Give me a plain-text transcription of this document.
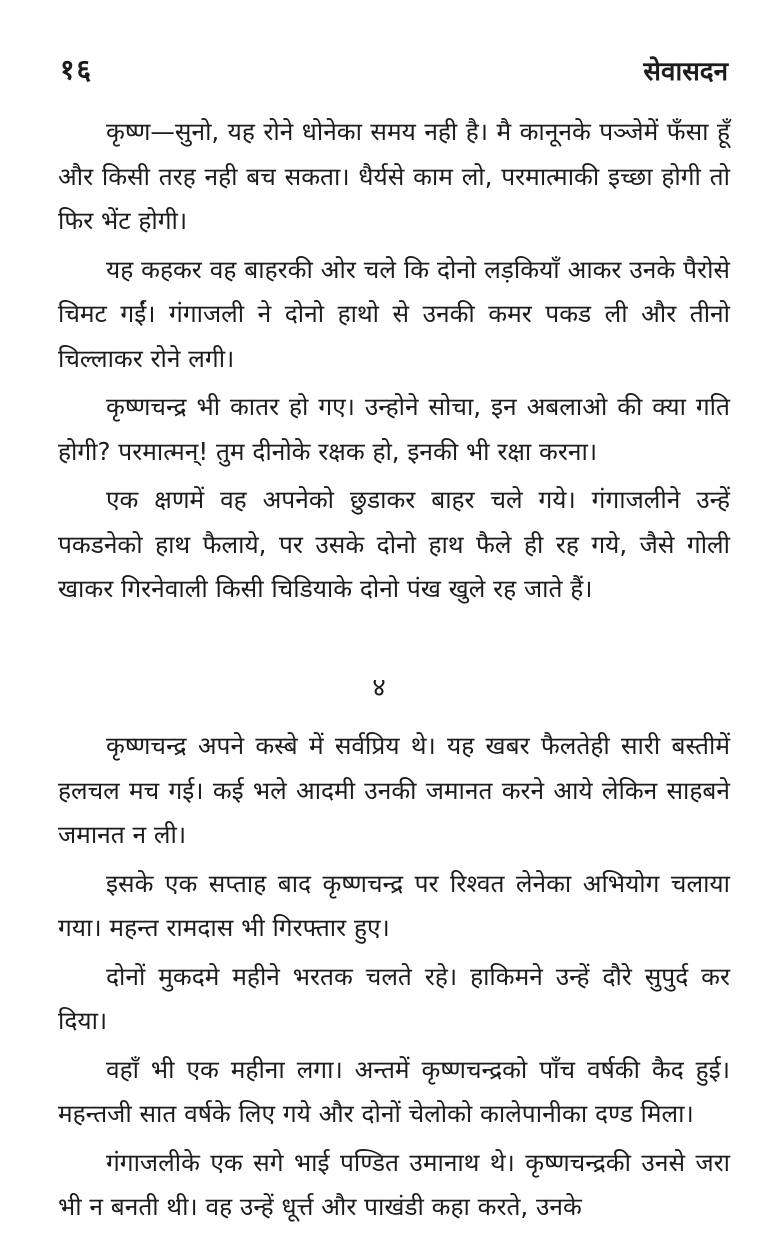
१६	सेवासदन

कृष्ण—सुनो, यह रोने धोनेका समय नही है। मै कानूनके पञ्जेमें फँसा हूँ और किसी तरह नही बच सकता। धैर्यसे काम लो, परमात्माकी इच्छा होगी तो फिर भेंट होगी।

यह कहकर वह बाहरकी ओर चले कि दोनो लड़कियाँ आकर उनके पैरोसे चिमट गईं। गंगाजली ने दोनो हाथो से उनकी कमर पकड ली और तीनो चिल्लाकर रोने लगी।

कृष्णचन्द्र भी कातर हो गए। उन्होने सोचा, इन अबलाओ की क्या गति होगी? परमात्मन्! तुम दीनोके रक्षक हो, इनकी भी रक्षा करना।

एक क्षणमें वह अपनेको छुडाकर बाहर चले गये। गंगाजलीने उन्हें पकडनेको हाथ फैलाये, पर उसके दोनो हाथ फैले ही रह गये, जैसे गोली खाकर गिरनेवाली किसी चिडियाके दोनो पंख खुले रह जाते हैं।

४

कृष्णचन्द्र अपने कस्बे में सर्वप्रिय थे। यह खबर फैलतेही सारी बस्तीमें हलचल मच गई। कई भले आदमी उनकी जमानत करने आये लेकिन साहबने जमानत न ली।

इसके एक सप्ताह बाद कृष्णचन्द्र पर रिश्वत लेनेका अभियोग चलाया गया। महन्त रामदास भी गिरफ्तार हुए।

दोनों मुकदमे महीने भरतक चलते रहे। हाकिमने उन्हें दौरे सुपुर्द कर दिया।

वहाँ भी एक महीना लगा। अन्तमें कृष्णचन्द्रको पाँच वर्षकी कैद हुई। महन्तजी सात वर्षके लिए गये और दोनों चेलोको कालेपानीका दण्ड मिला।

गंगाजलीके एक सगे भाई पण्डित उमानाथ थे। कृष्णचन्द्रकी उनसे जरा भी न बनती थी। वह उन्हें धूर्त्त और पाखंडी कहा करते, उनके
